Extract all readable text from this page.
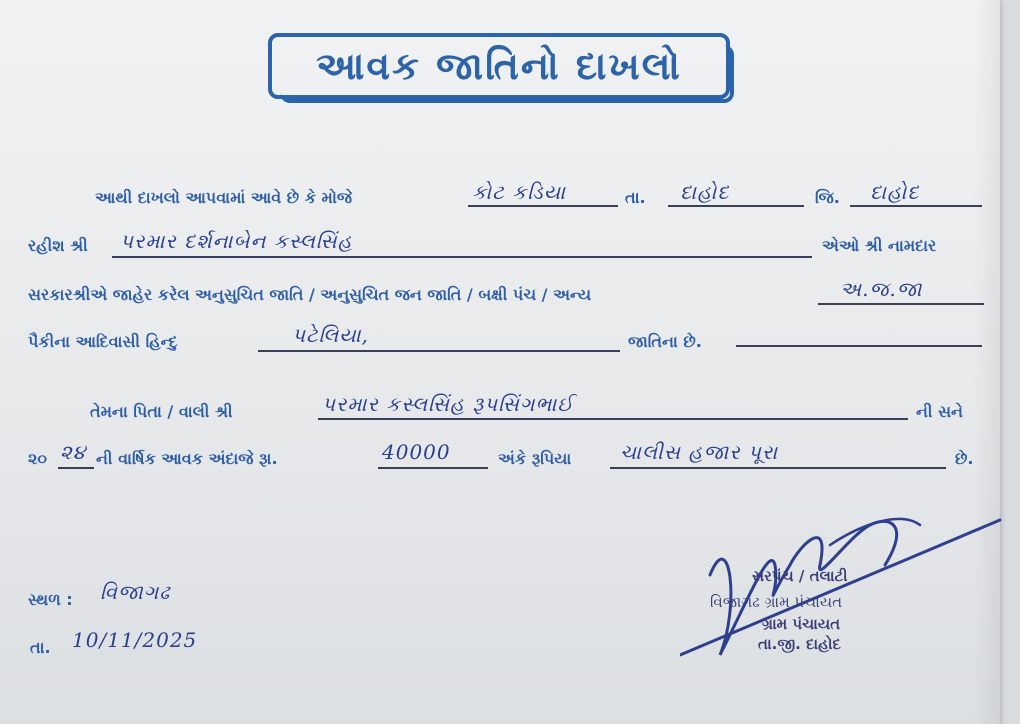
આવક જાતિનો દાખલો
આથી દાખલો આપવામાં આવે છે કે મોજે	કોટ કડિયા	તા. દાહોદ	જિ. દાહોદ
રહીશ શ્રી પરમાર દર્શનાબેન કસ્લસિંહ	એઓ શ્રી નામદાર
સરકારશ્રીએ જાહેર કરેલ અનુસુચિત જાતિ / અનુસુચિત જન જાતિ / બક્ષી પંચ / અન્ય	અ.જ.જા
પૈકીના આદિવાસી હિન્દુ	પટેલિયા,	જાતિના છે.
તેમના પિતા / વાલી શ્રી	પરમાર કસ્લસિંહ રૂપસિંગભાઈ	ની સને
૨૦ ૨૪ ની વાર્ષિક આવક અંદાજે રૂા.	40000	અંકે રૂપિયા ચાલીસ હજાર પૂરા	છે.
સ્થળ : વિજાગઢ
તા. 10/11/2025
સરપંચ / તલાટી
વિજાગઢ ગ્રામ પંચાયત
ગ્રામ પંચાયત
તા.જી. દાહોદ
